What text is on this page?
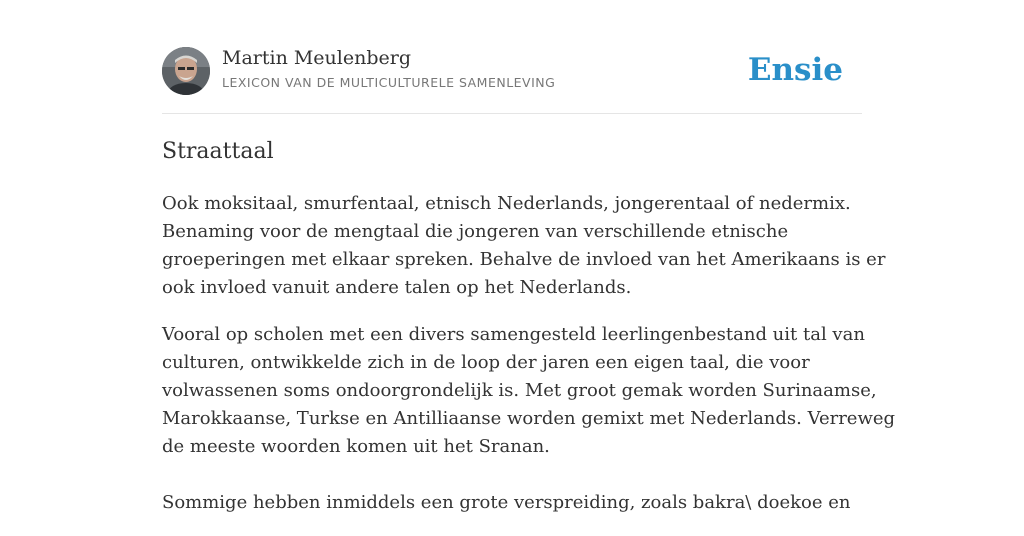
Martin Meulenberg
LEXICON VAN DE MULTICULTURELE SAMENLEVING	Ensie
Straattaal

Ook moksitaal, smurfentaal, etnisch Nederlands, jongerentaal of nedermix.
Benaming voor de mengtaal die jongeren van verschillende etnische
groeperingen met elkaar spreken. Behalve de invloed van het Amerikaans is er
ook invloed vanuit andere talen op het Nederlands.

Vooral op scholen met een divers samengesteld leerlingenbestand uit tal van
culturen, ontwikkelde zich in de loop der jaren een eigen taal, die voor
volwassenen soms ondoorgrondelijk is. Met groot gemak worden Surinaamse,
Marokkaanse, Turkse en Antilliaanse worden gemixt met Nederlands. Verreweg
de meeste woorden komen uit het Sranan.

Sommige hebben inmiddels een grote verspreiding, zoals bakra\ doekoe en
